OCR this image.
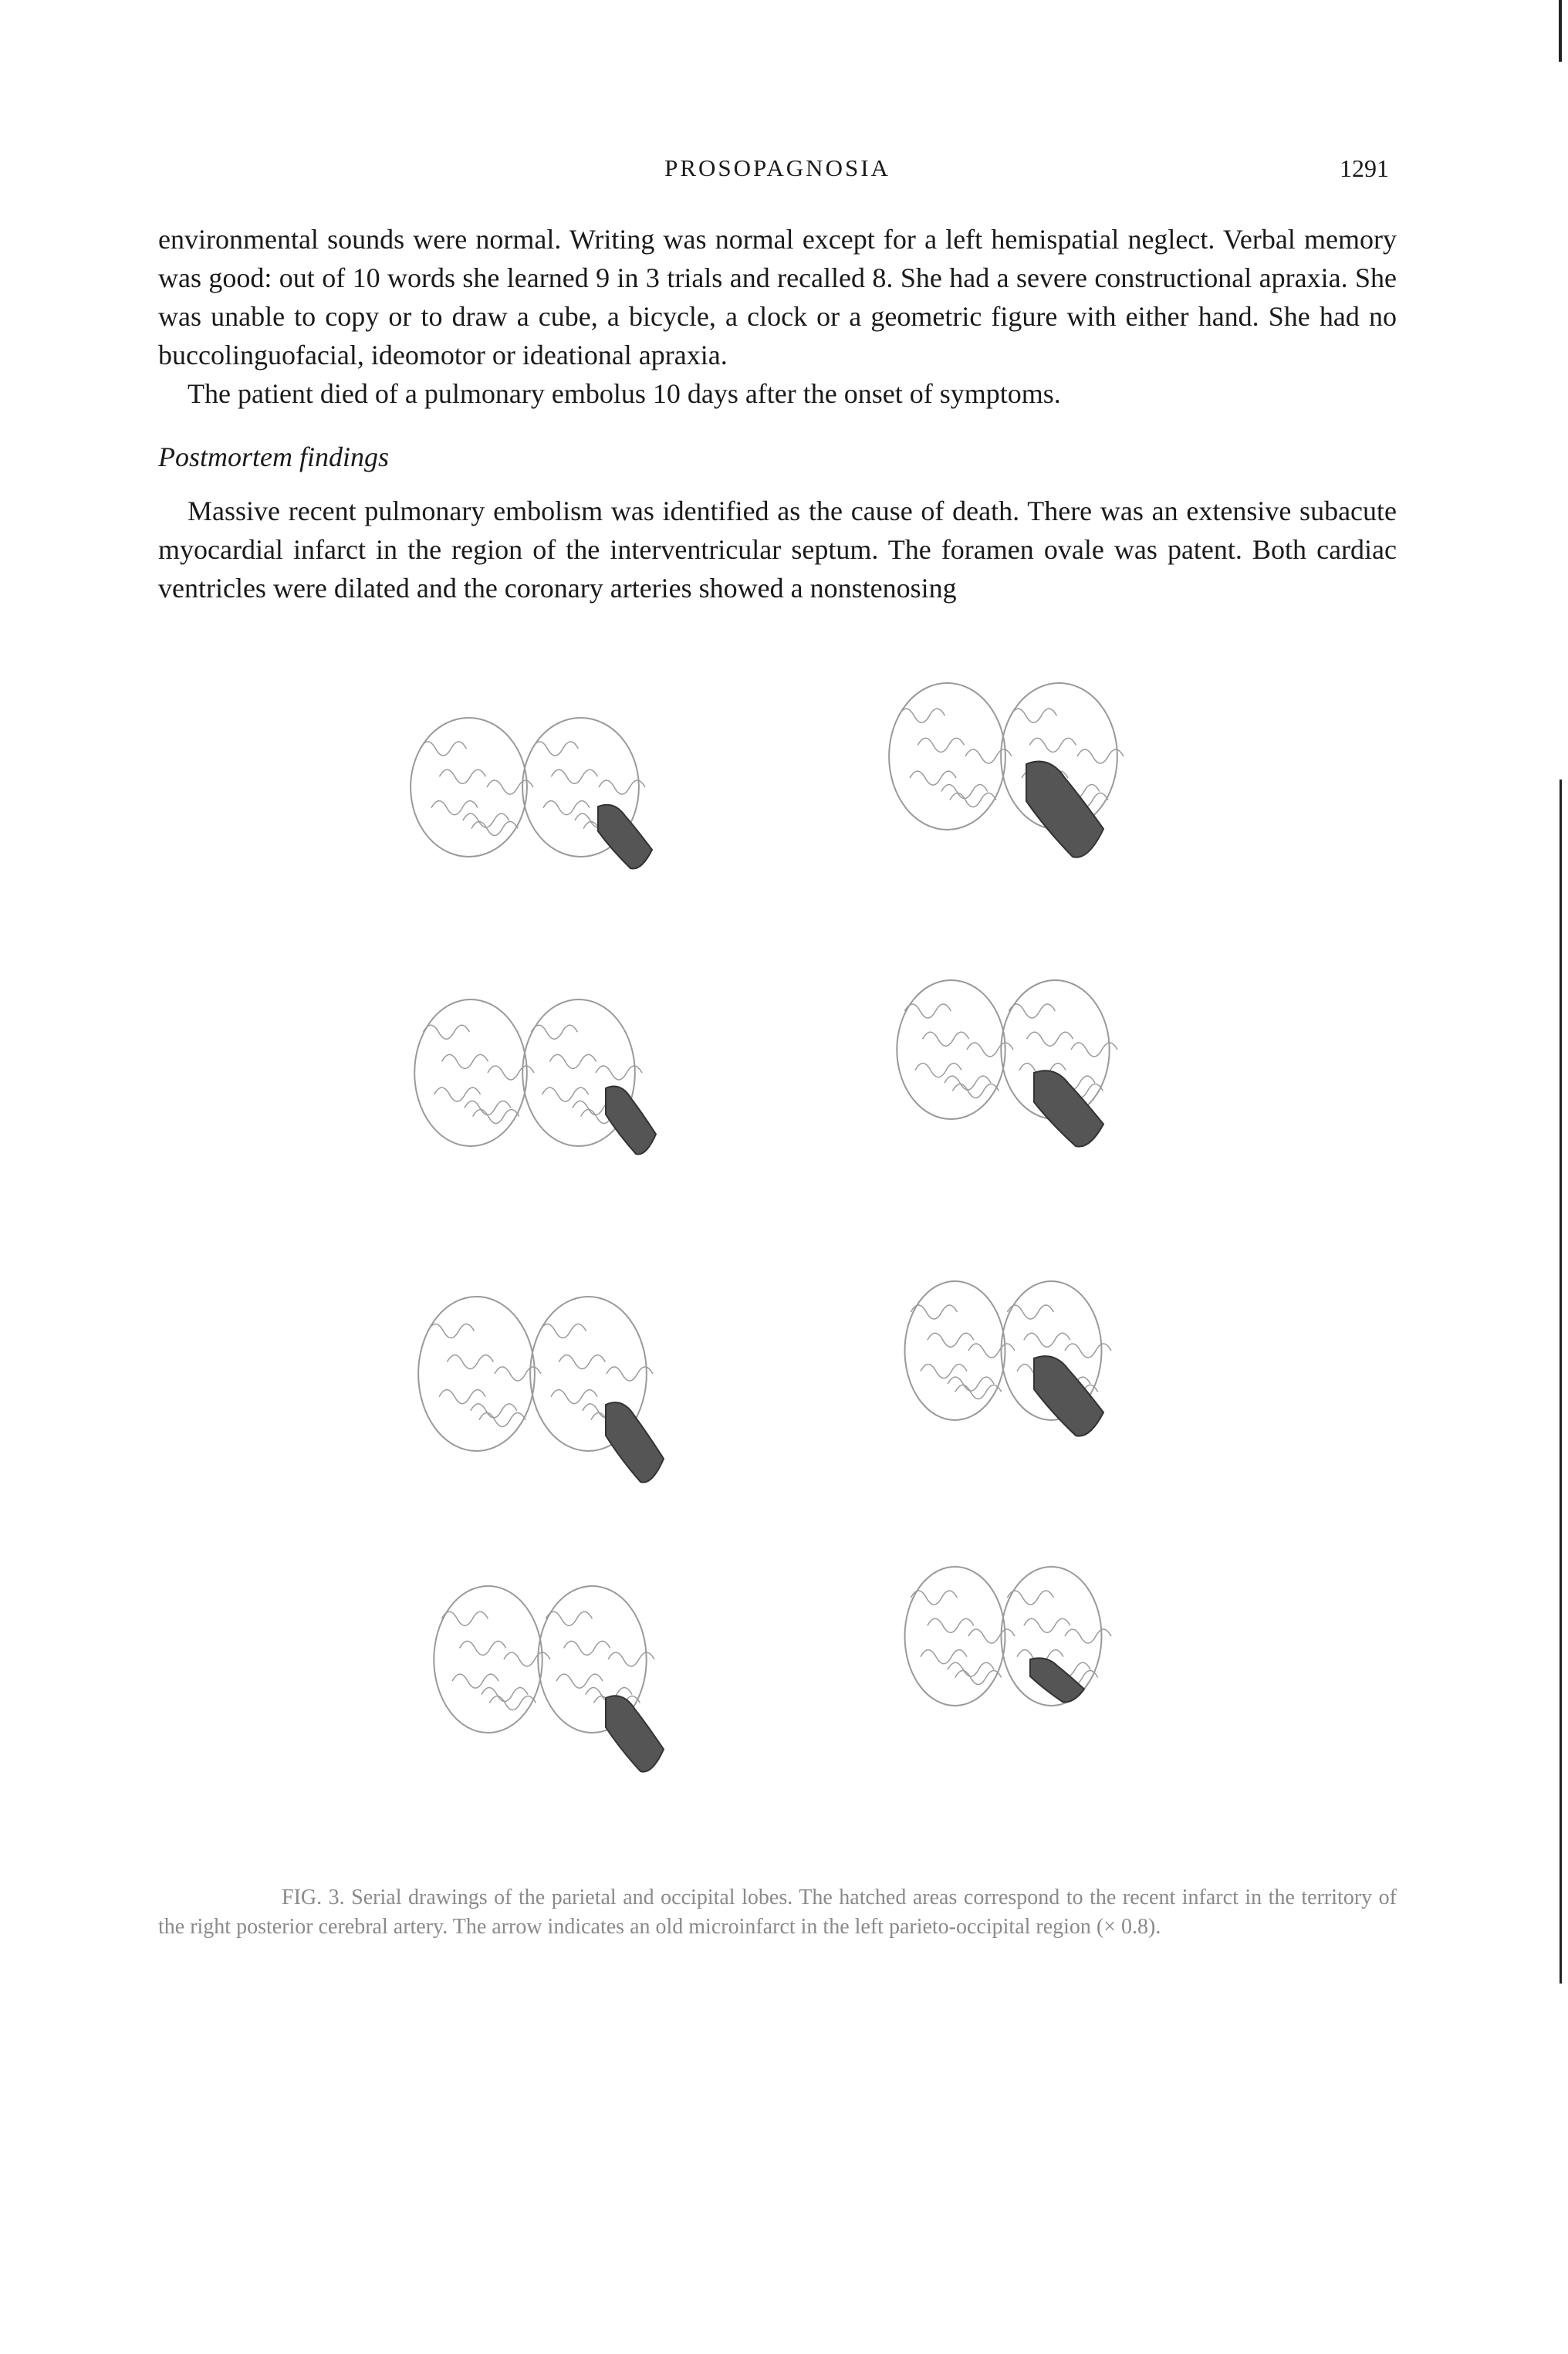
PROSOPAGNOSIA	1291

environmental sounds were normal. Writing was normal except for a left hemispatial neglect. Verbal memory was good: out of 10 words she learned 9 in 3 trials and recalled 8. She had a severe constructional apraxia. She was unable to copy or to draw a cube, a bicycle, a clock or a geometric figure with either hand. She had no buccolinguofacial, ideomotor or ideational apraxia.

The patient died of a pulmonary embolus 10 days after the onset of symptoms.

Postmortem findings

Massive recent pulmonary embolism was identified as the cause of death. There was an extensive subacute myocardial infarct in the region of the interventricular septum. The foramen ovale was patent. Both cardiac ventricles were dilated and the coronary arteries showed a nonstenosing

FIG. 3. Serial drawings of the parietal and occipital lobes. The hatched areas correspond to the recent infarct in the territory of the right posterior cerebral artery. The arrow indicates an old microinfarct in the left parieto-occipital region (× 0.8).
